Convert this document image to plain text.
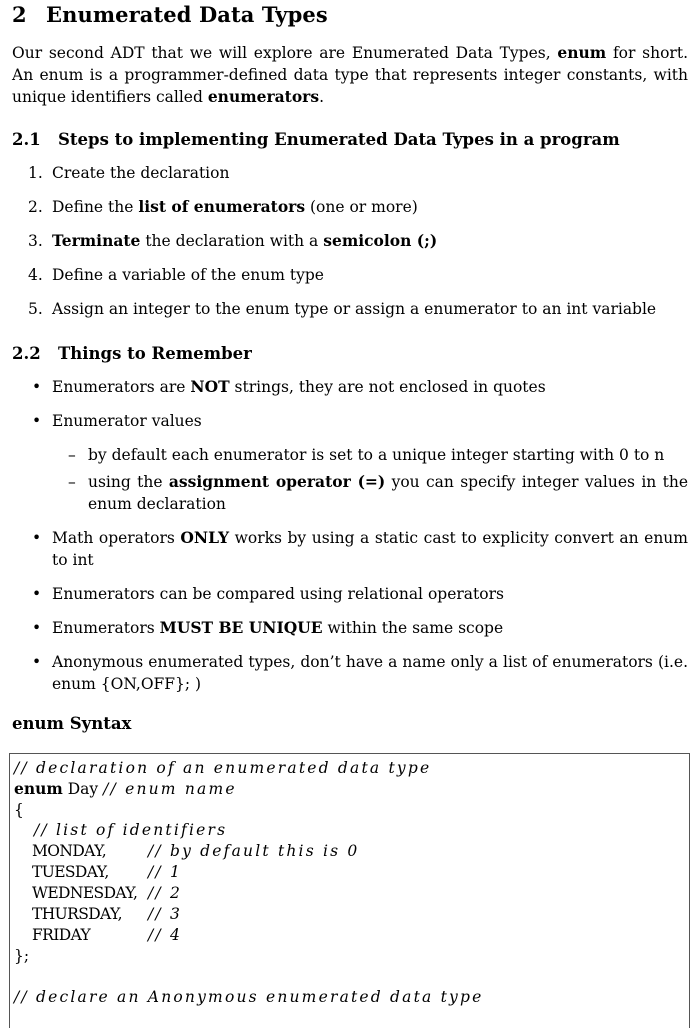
2 Enumerated Data Types

Our second ADT that we will explore are Enumerated Data Types, enum for short. An enum is a programmer-defined data type that represents integer constants, with unique identifiers called enumerators.

2.1 Steps to implementing Enumerated Data Types in a program
1. Create the declaration
2. Define the list of enumerators (one or more)
3. Terminate the declaration with a semicolon (;)
4. Define a variable of the enum type
5. Assign an integer to the enum type or assign a enumerator to an int variable
2.2 Things to Remember
• Enumerators are NOT strings, they are not enclosed in quotes
• Enumerator values
– by default each enumerator is set to a unique integer starting with 0 to n
– using the assignment operator (=) you can specify integer values in the enum declaration
• Math operators ONLY works by using a static cast to explicity convert an enum to int
• Enumerators can be compared using relational operators
• Enumerators MUST BE UNIQUE within the same scope
• Anonymous enumerated types, don’t have a name only a list of enumerators (i.e. enum {ON,OFF}; )
enum Syntax
// declaration of an enumerated data type
enum Day // enum name
{
// list of identifiers
MONDAY,	// by default this is 0
TUESDAY,	// 1
WEDNESDAY, // 2
THURSDAY, // 3
FRIDAY	// 4
};
// declare an Anonymous enumerated data type
